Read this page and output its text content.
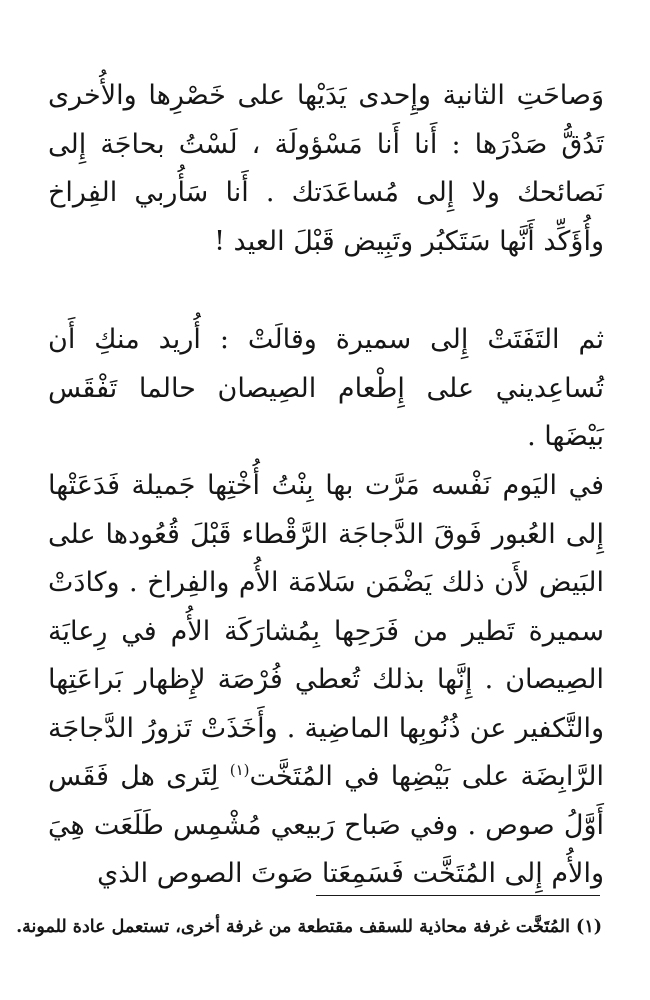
وَصاحَتِ الثانية وإِحدى يَدَيْها على خَصْرِها والأُخرى تَدُقُّ صَدْرَها : أَنا أَنا مَسْؤولَة ، لَسْتُ بحاجَة إِلى نَصائحك ولا إِلى مُساعَدَتك . أَنا سَأُربي الفِراخ وأُؤَكِّد أَنَّها سَتَكبُر وتَبِيض قَبْلَ العيد !

ثم التَفَتَتْ إِلى سميرة وقالَتْ : أُريد منكِ أَن تُساعِديني على إِطْعام الصِيصان حالما تَفْقَس بَيْضَها .

في اليَوم نَفْسه مَرَّت بها بِنْتُ أُخْتِها جَميلة فَدَعَتْها إِلى العُبور فَوقَ الدَّجاجَة الرَّقْطاء قَبْلَ قُعُودها على البَيض لأَن ذلك يَضْمَن سَلامَة الأُم والفِراخ . وكادَتْ سميرة تَطير من فَرَحِها بِمُشارَكَة الأُم في رِعايَة الصِيصان . إِنَّها بذلك تُعطي فُرْصَة لإِظهار بَراعَتِها والتَّكفير عن ذُنُوبِها الماضِية . وأَخَذَتْ تَزورُ الدَّجاجَة الرَّابِضَة على بَيْضِها في المُتَخَّت$^{(١)}$ لِتَرى هل فَقَس أَوَّلُ صوص . وفي صَباح رَبيعي مُشْمِس طَلَعَت هِيَ والأُم إِلى المُتَخَّت فَسَمِعَتا صَوتَ الصوص الذي

(١) المُتَخَّت غرفة محاذية للسقف مقتطعة من غرفة أخرى، تستعمل عادة للمونة.
